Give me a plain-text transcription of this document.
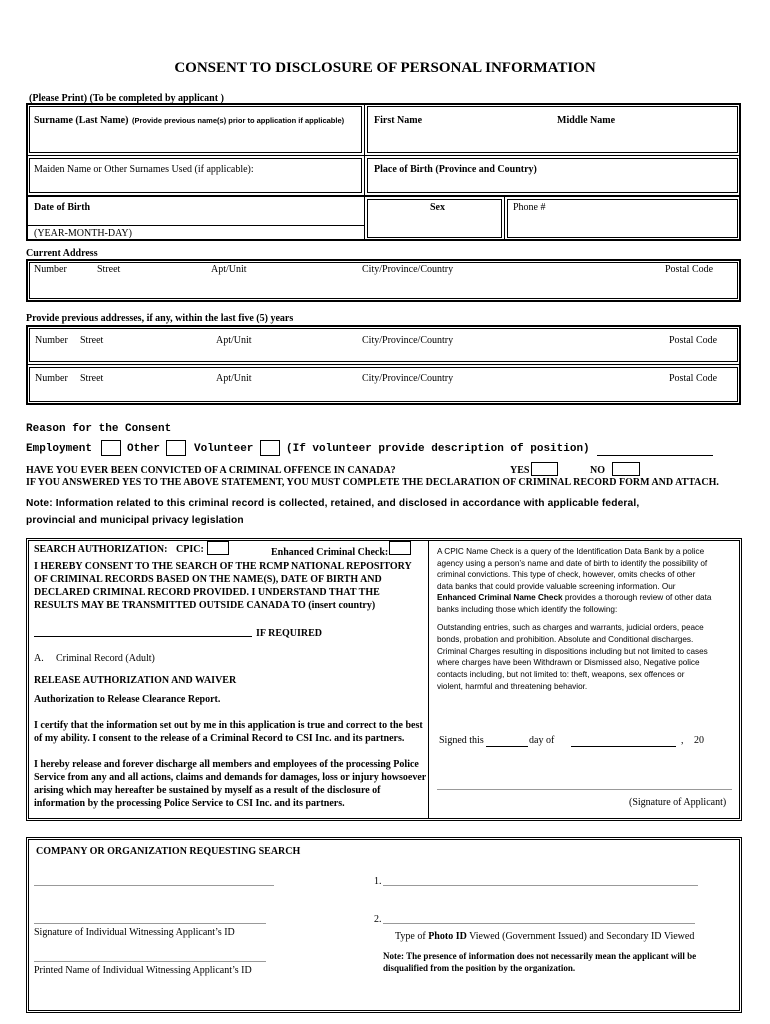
CONSENT TO DISCLOSURE OF PERSONAL INFORMATION
(Please Print) (To be completed by applicant )
Surname (Last Name) (Provide previous name(s) prior to application if applicable)	First Name	Middle Name
Maiden Name or Other Surnames Used (if applicable):	Place of Birth (Province and Country)
Date of Birth
(YEAR-MONTH-DAY)
Sex	Phone #
Current Address
Number	Street	Apt/Unit	City/Province/Country	Postal Code
Provide previous addresses, if any, within the last five (5) years
Number Street	Apt/Unit	City/Province/Country	Postal Code
Number Street	Apt/Unit	City/Province/Country	Postal Code
Reason for the Consent
Employment	Other	Volunteer	(If volunteer provide description of position)
HAVE YOU EVER BEEN CONVICTED OF A CRIMINAL OFFENCE IN CANADA?	YES	NO
IF YOU ANSWERED YES TO THE ABOVE STATEMENT, YOU MUST COMPLETE THE DECLARATION OF CRIMINAL RECORD FORM AND ATTACH.
Note: Information related to this criminal record is collected, retained, and disclosed in accordance with applicable federal,
provincial and municipal privacy legislation
SEARCH AUTHORIZATION: CPIC:	Enhanced Criminal Check:
I HEREBY CONSENT TO THE SEARCH OF THE RCMP NATIONAL REPOSITORY
OF CRIMINAL RECORDS BASED ON THE NAME(S), DATE OF BIRTH AND
DECLARED CRIMINAL RECORD PROVIDED. I UNDERSTAND THAT THE
RESULTS MAY BE TRANSMITTED OUTSIDE CANADA TO (insert country)
IF REQUIRED
A. Criminal Record (Adult)
RELEASE AUTHORIZATION AND WAIVER
Authorization to Release Clearance Report.
I certify that the information set out by me in this application is true and correct to the best
of my ability. I consent to the release of a Criminal Record to CSI Inc. and its partners.
I hereby release and forever discharge all members and employees of the processing Police
Service from any and all actions, claims and demands for damages, loss or injury howsoever
arising which may hereafter be sustained by myself as a result of the disclosure of
information by the processing Police Service to CSI Inc. and its partners.
A CPIC Name Check is a query of the Identification Data Bank by a police
agency using a person’s name and date of birth to identify the possibility of
criminal convictions. This type of check, however, omits checks of other
data banks that could provide valuable screening information. Our
Enhanced Criminal Name Check provides a thorough review of other data
banks including those which identify the following:
Outstanding entries, such as charges and warrants, judicial orders, peace
bonds, probation and prohibition. Absolute and Conditional discharges.
Criminal Charges resulting in dispositions including but not limited to cases
where charges have been Withdrawn or Dismissed also, Negative police
contacts including, but not limited to: theft, weapons, sex offences or
violent, harmful and threatening behavior.
Signed this	day of	, 20
(Signature of Applicant)
COMPANY OR ORGANIZATION REQUESTING SEARCH
1.
2.
Signature of Individual Witnessing Applicant’s ID	Type of Photo ID Viewed (Government Issued) and Secondary ID Viewed
Printed Name of Individual Witnessing Applicant’s ID
Note: The presence of information does not necessarily mean the applicant will be
disqualified from the position by the organization.
